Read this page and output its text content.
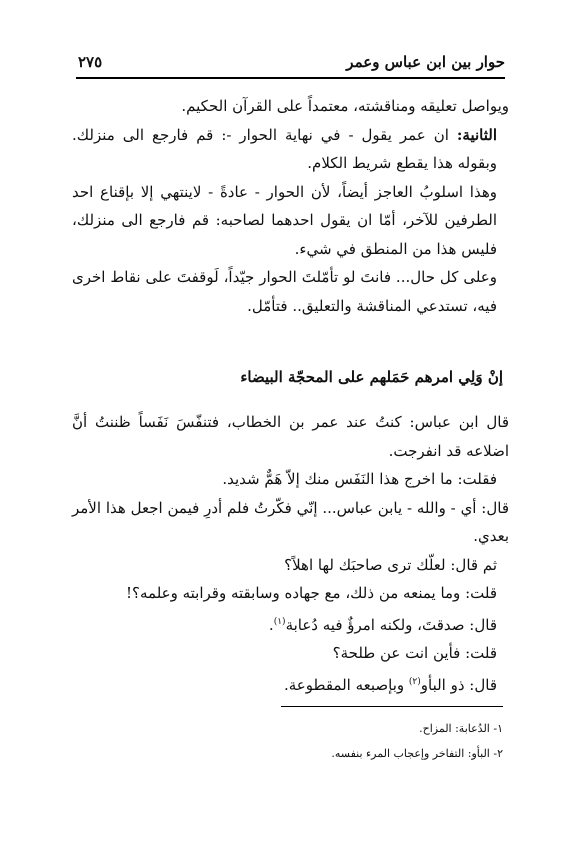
حوار بين ابن عباس وعمر
٢٧٥

ويواصل تعليقه ومناقشته، معتمداً على القرآن الحكيم.

الثانية: ان عمر يقول - في نهاية الحوار -: قم فارجع الى منزلك. وبقوله هذا يقطع شريط الكلام.

وهذا اسلوبُ العاجز أيضاً، لأن الحوار - عادةً - لاينتهي إلا بإقناع احد الطرفين للآخر، أمّا ان يقول احدهما لصاحبه: قم فارجع الى منزلك، فليس هذا من المنطق في شيء.

وعلى كل حال... فانتَ لو تأمّلتَ الحوار جيّداً، لَوقفتَ على نقاط اخرى فيه، تستدعي المناقشة والتعليق.. فتأمّل.

إنْ وَلِي امرهم حَمَلهم على المحجّة البيضاء

قال ابن عباس: كنتُ عند عمر بن الخطاب، فتنفّسَ نَفَساً ظننتُ أنَّ اضلاعه قد انفرجت.

فقلت: ما اخرج هذا النَفَس منك إلاّ هَمٌّ شديد.

قال: أي - والله - يابن عباس... إنّي فكّرتُ فلم أدرِ فيمن اجعل هذا الأمر بعدي.

ثم قال: لعلّك ترى صاحبَك لها اهلاً؟

قلت: وما يمنعه من ذلك، مع جهاده وسابقته وقرابته وعلمه؟!

قال: صدقتَ، ولكنه امرؤٌ فيه دُعابة$^{(١)}$.

قلت: فأين انت عن طلحة؟

قال: ذو البأو$^{(٢)}$ وبإصبعه المقطوعة.

١- الدُعابة: المزاح.

٢- البأو: التفاخر وإعجاب المرء بنفسه.
